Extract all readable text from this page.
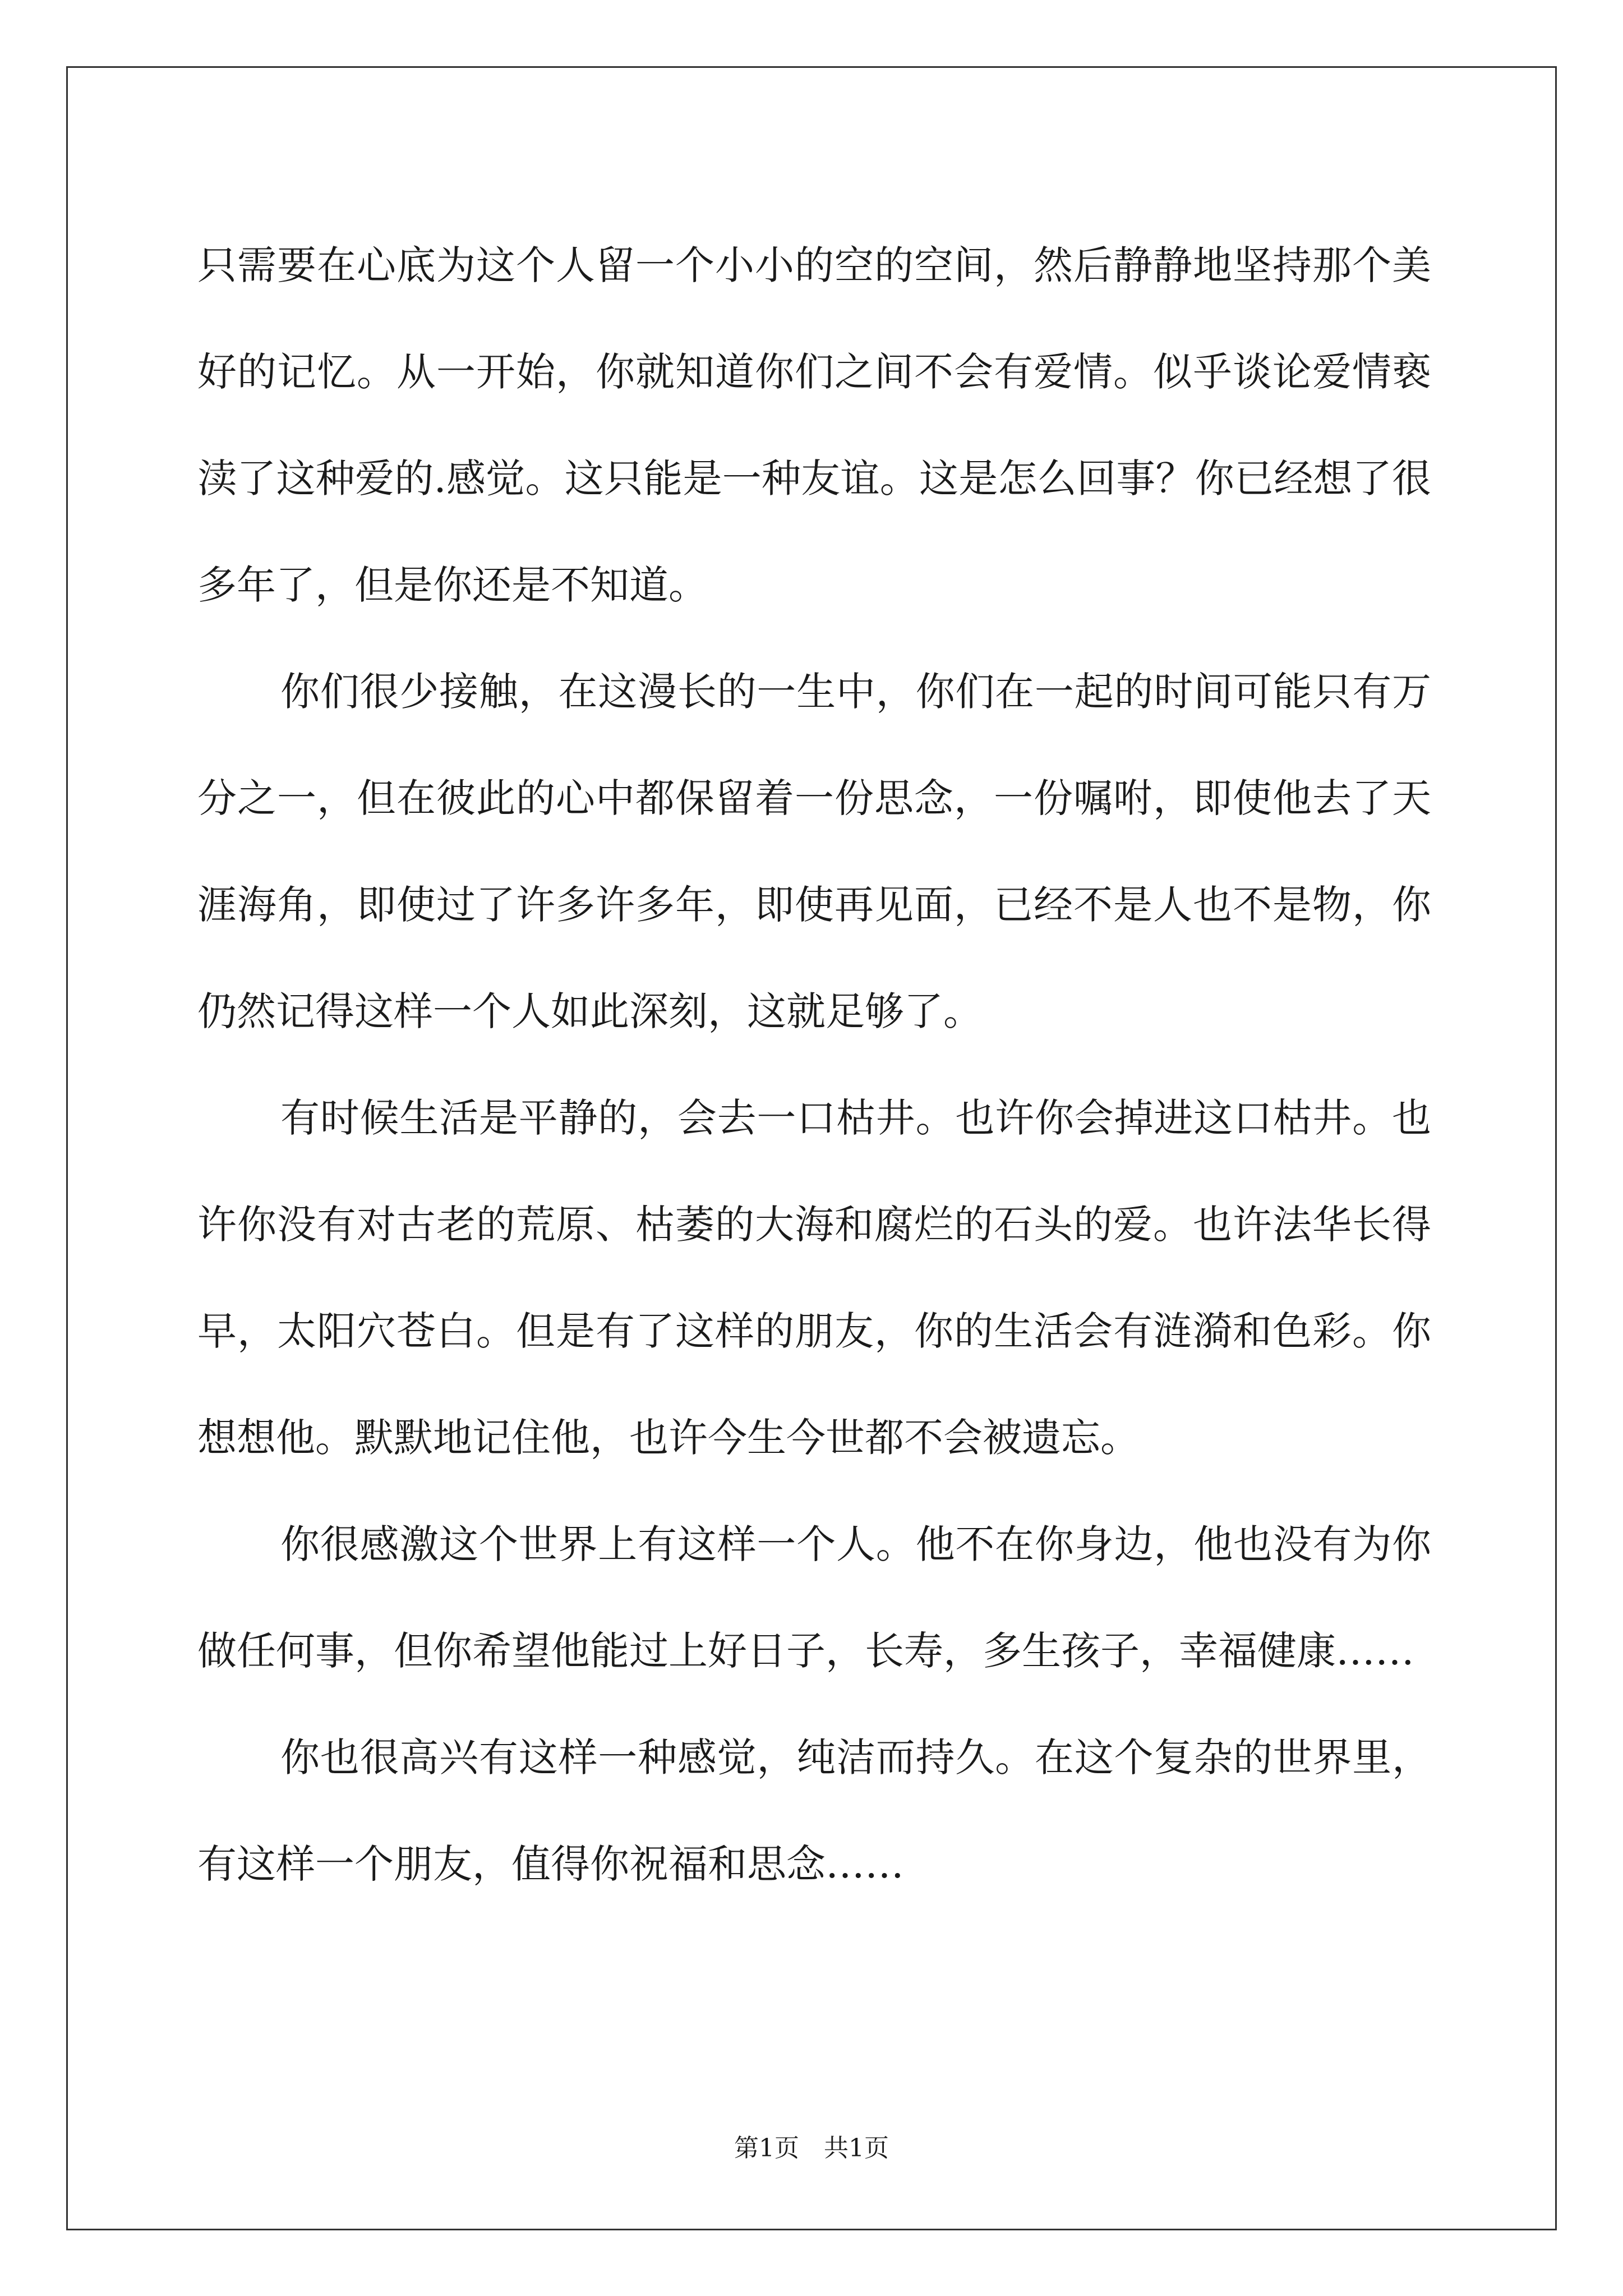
只需要在心底为这个人留一个小小的空的空间，然后静静地坚持那个美好的记忆。从一开始，你就知道你们之间不会有爱情。似乎谈论爱情亵渎了这种爱的.感觉。这只能是一种友谊。这是怎么回事？你已经想了很多年了，但是你还是不知道。

你们很少接触，在这漫长的一生中，你们在一起的时间可能只有万分之一，但在彼此的心中都保留着一份思念，一份嘱咐，即使他去了天涯海角，即使过了许多许多年，即使再见面，已经不是人也不是物，你仍然记得这样一个人如此深刻，这就足够了。

有时候生活是平静的，会去一口枯井。也许你会掉进这口枯井。也许你没有对古老的荒原、枯萎的大海和腐烂的石头的爱。也许法华长得早，太阳穴苍白。但是有了这样的朋友，你的生活会有涟漪和色彩。你想想他。默默地记住他，也许今生今世都不会被遗忘。

你很感激这个世界上有这样一个人。他不在你身边，他也没有为你做任何事，但你希望他能过上好日子，长寿，多生孩子，幸福健康……

你也很高兴有这样一种感觉，纯洁而持久。在这个复杂的世界里，有这样一个朋友，值得你祝福和思念……

第1页　共1页
